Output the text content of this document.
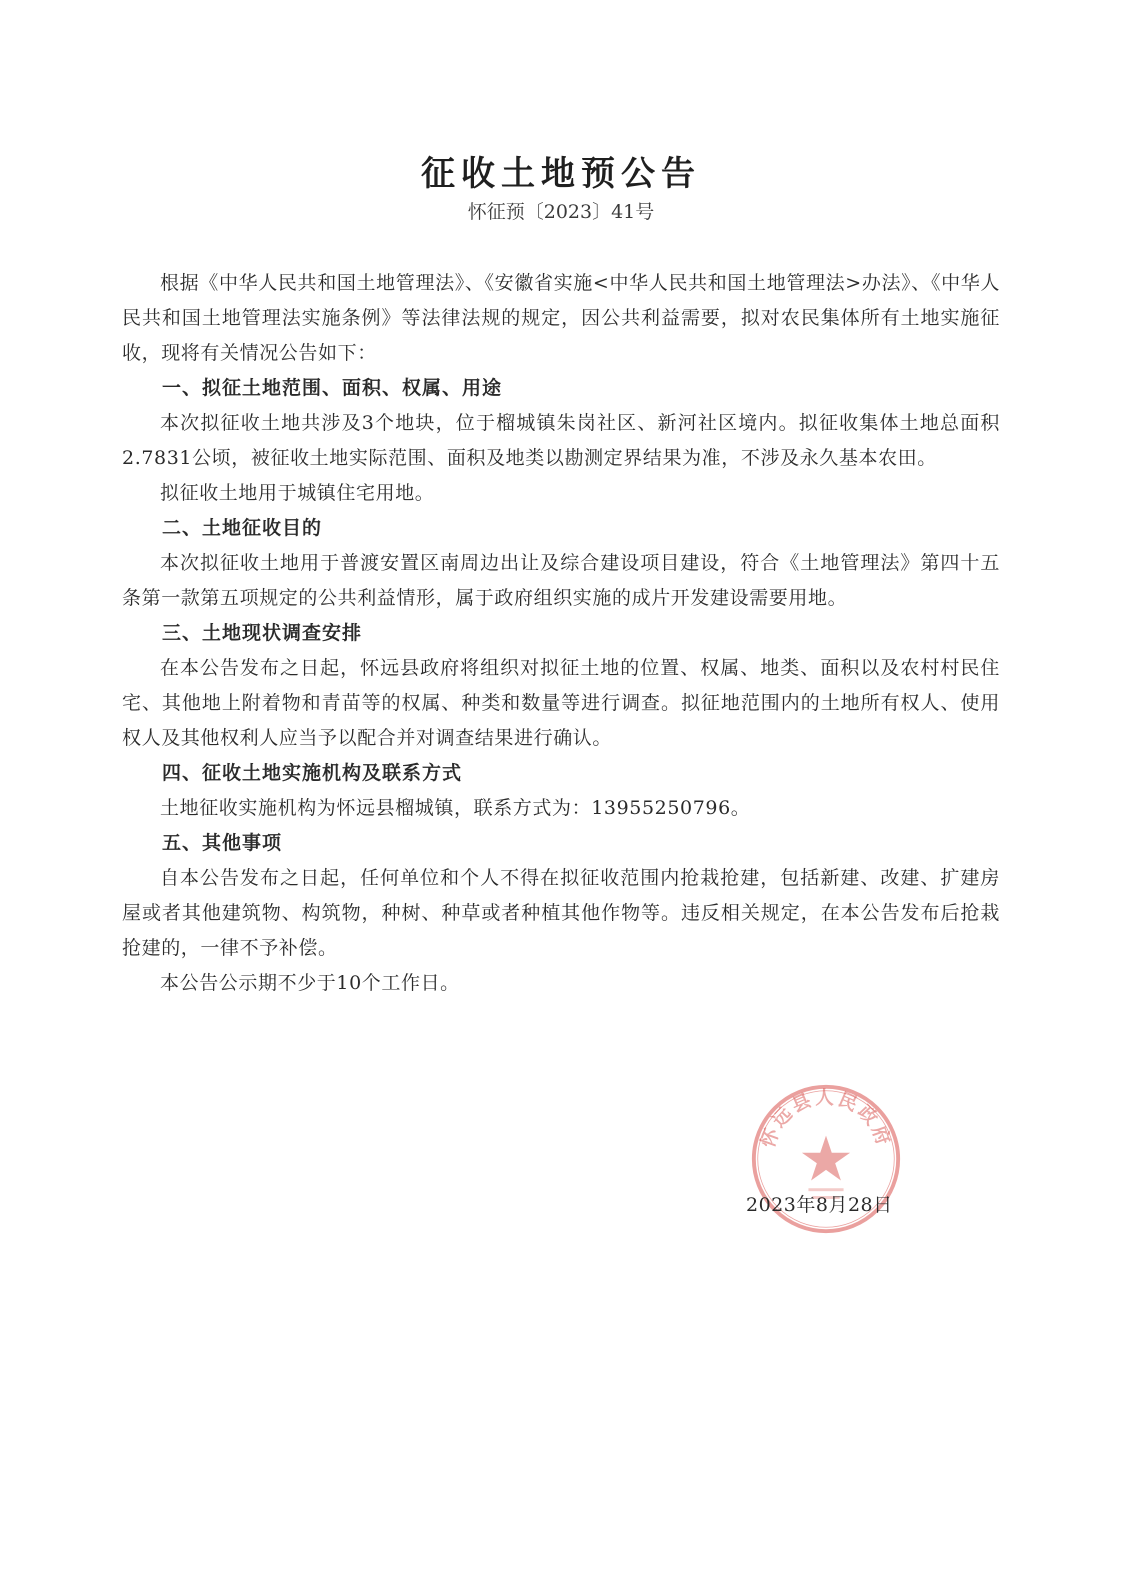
征收土地预公告
怀征预〔2023〕41号

根据《中华人民共和国土地管理法》、《安徽省实施<中华人民共和国土地管理法>办法》、《中华人民共和国土地管理法实施条例》等法律法规的规定，因公共利益需要，拟对农民集体所有土地实施征收，现将有关情况公告如下：

一、拟征土地范围、面积、权属、用途

本次拟征收土地共涉及3个地块，位于榴城镇朱岗社区、新河社区境内。拟征收集体土地总面积2.7831公顷，被征收土地实际范围、面积及地类以勘测定界结果为准，不涉及永久基本农田。

拟征收土地用于城镇住宅用地。

二、土地征收目的

本次拟征收土地用于普渡安置区南周边出让及综合建设项目建设，符合《土地管理法》第四十五条第一款第五项规定的公共利益情形，属于政府组织实施的成片开发建设需要用地。

三、土地现状调查安排

在本公告发布之日起，怀远县政府将组织对拟征土地的位置、权属、地类、面积以及农村村民住宅、其他地上附着物和青苗等的权属、种类和数量等进行调查。拟征地范围内的土地所有权人、使用权人及其他权利人应当予以配合并对调查结果进行确认。

四、征收土地实施机构及联系方式

土地征收实施机构为怀远县榴城镇，联系方式为：13955250796。

五、其他事项

自本公告发布之日起，任何单位和个人不得在拟征收范围内抢栽抢建，包括新建、改建、扩建房屋或者其他建筑物、构筑物，种树、种草或者种植其他作物等。违反相关规定，在本公告发布后抢栽抢建的，一律不予补偿。

本公告公示期不少于10个工作日。

怀远县人民政府
2023年8月28日
